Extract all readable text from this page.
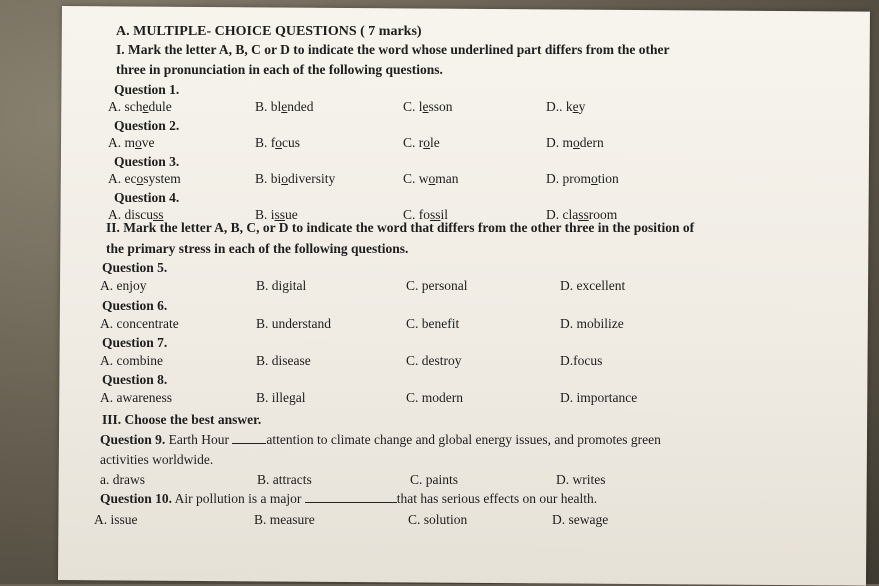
A. MULTIPLE- CHOICE QUESTIONS ( 7 marks)
I. Mark the letter A, B, C or D to indicate the word whose underlined part differs from the other
three in pronunciation in each of the following questions.
Question 1.
A. schedule	B. blended	C. lesson	D.. key
Question 2.
A. move	B. focus	C. role	D. modern
Question 3.
A. ecosystem	B. biodiversity	C. woman	D. promotion
Question 4.
A. discuss	B. issue	C. fossil	D. classroom
II. Mark the letter A, B, C, or D to indicate the word that differs from the other three in the position of
the primary stress in each of the following questions.
Question 5.
A. enjoy	B. digital	C. personal	D. excellent
Question 6.
A. concentrate	B. understand	C. benefit	D. mobilize
Question 7.
A. combine	B. disease	C. destroy	D.focus
Question 8.
A. awareness	B. illegal	C. modern	D. importance
III. Choose the best answer.
Question 9. Earth Hour	attention to climate change and global energy issues, and promotes green
activities worldwide.
a. draws	B. attracts	C. paints	D. writes
Question 10. Air pollution is a major	that has serious effects on our health.
A. issue	B. measure	C. solution	D. sewage
